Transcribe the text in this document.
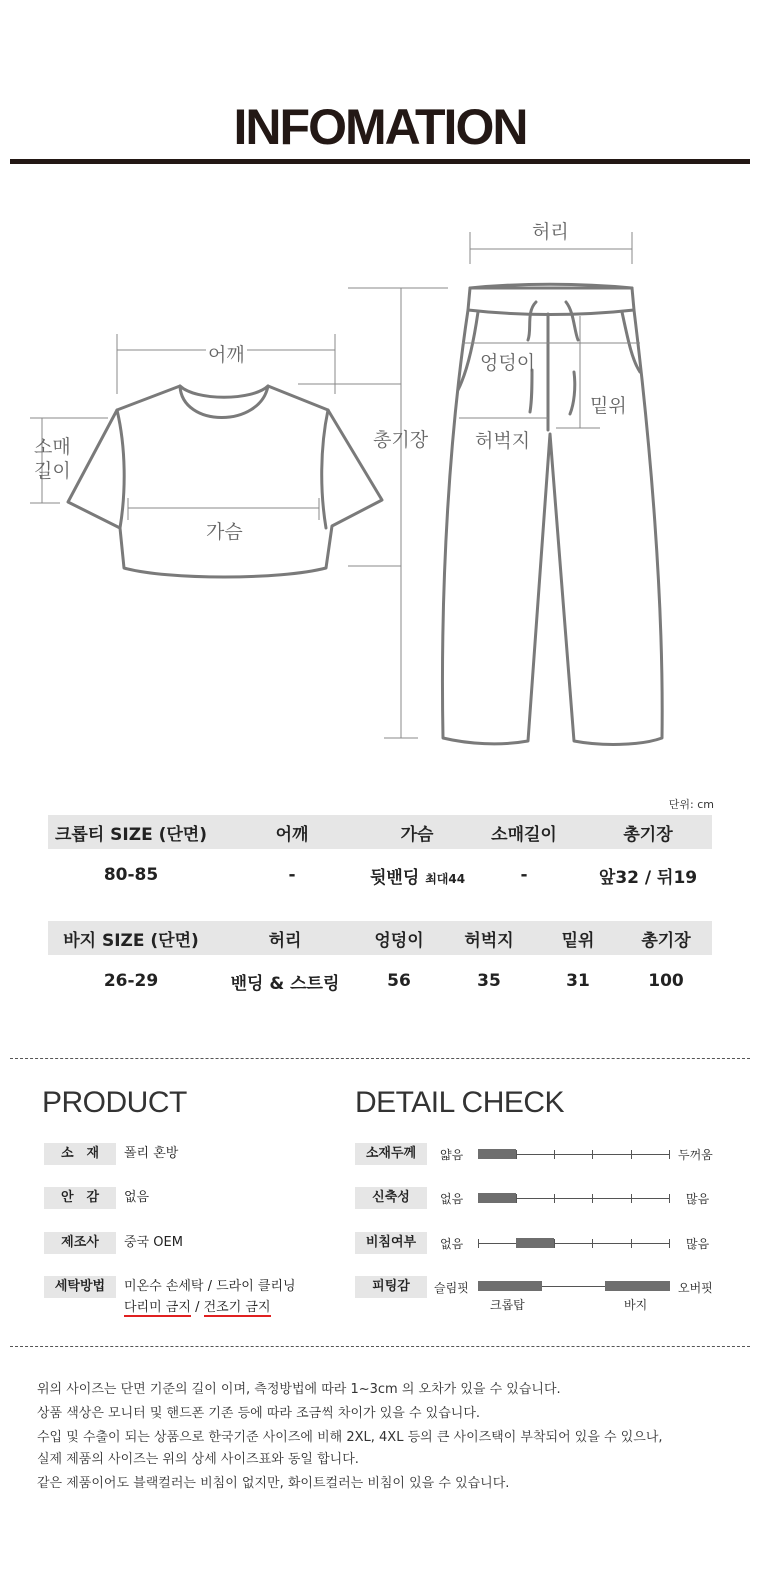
INFOMATION
어깨
소매
길이
가슴
총기장
허리
엉덩이
밑위
허벅지
단위: cm
크롭티 SIZE (단면)	어깨	가슴	소매길이	총기장
80-85	-	뒷밴딩 최대44	-	앞32 / 뒤19
바지 SIZE (단면)	허리	엉덩이	허벅지	밑위	총기장
26-29	밴딩 & 스트링	56	35	31	100
PRODUCT
소　재	폴리 혼방
안　감	없음
제조사	중국 OEM
세탁방법	미온수 손세탁 / 드라이 클리닝
다리미 금지 / 건조기 금지
DETAIL CHECK
소재두께	얇음	두꺼움
신축성	없음	많음
비침여부	없음	많음
피팅감	슬림핏	오버핏
크롭탑	바지
위의 사이즈는 단면 기준의 길이 이며, 측정방법에 따라 1~3cm 의 오차가 있을 수 있습니다.
상품 색상은 모니터 및 핸드폰 기존 등에 따라 조금씩 차이가 있을 수 있습니다.
수입 및 수출이 되는 상품으로 한국기준 사이즈에 비해 2XL, 4XL 등의 큰 사이즈택이 부착되어 있을 수 있으나,
실제 제품의 사이즈는 위의 상세 사이즈표와 동일 합니다.
같은 제품이어도 블랙컬러는 비침이 없지만, 화이트컬러는 비침이 있을 수 있습니다.
